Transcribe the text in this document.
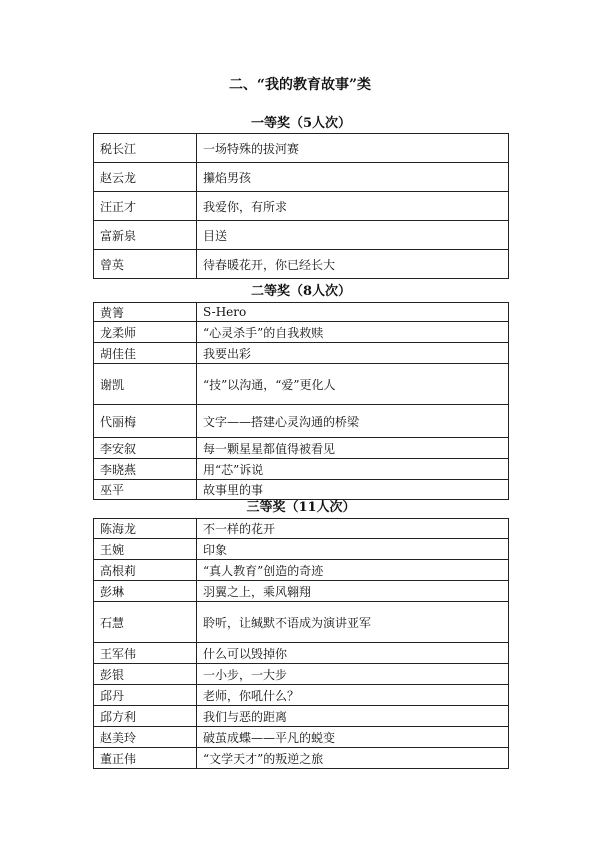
二、“我的教育故事”类
一等奖（5人次）
税长江	一场特殊的拔河赛
赵云龙	攥焰男孩
汪正才	我爱你，有所求
富新泉	目送
曾英	待春暖花开，你已经长大
二等奖（8人次）
黄箐	S-Hero
龙柔师	“心灵杀手”的自我救赎
胡佳佳	我要出彩
谢凯	“技”以沟通，“爱”更化人
代丽梅	文字——搭建心灵沟通的桥梁
李安叙	每一颗星星都值得被看见
李晓燕	用“芯”诉说
巫平	故事里的事
三等奖（11人次）
陈海龙	不一样的花开
王婉	印象
高根莉	“真人教育”创造的奇迹
彭琳	羽翼之上，乘风翱翔
石慧	聆听，让缄默不语成为演讲亚军
王军伟	什么可以毁掉你
彭银	一小步，一大步
邱丹	老师，你吼什么？
邱方利	我们与恶的距离
赵美玲	破茧成蝶——平凡的蜕变
董正伟	“文学天才”的叛逆之旅
